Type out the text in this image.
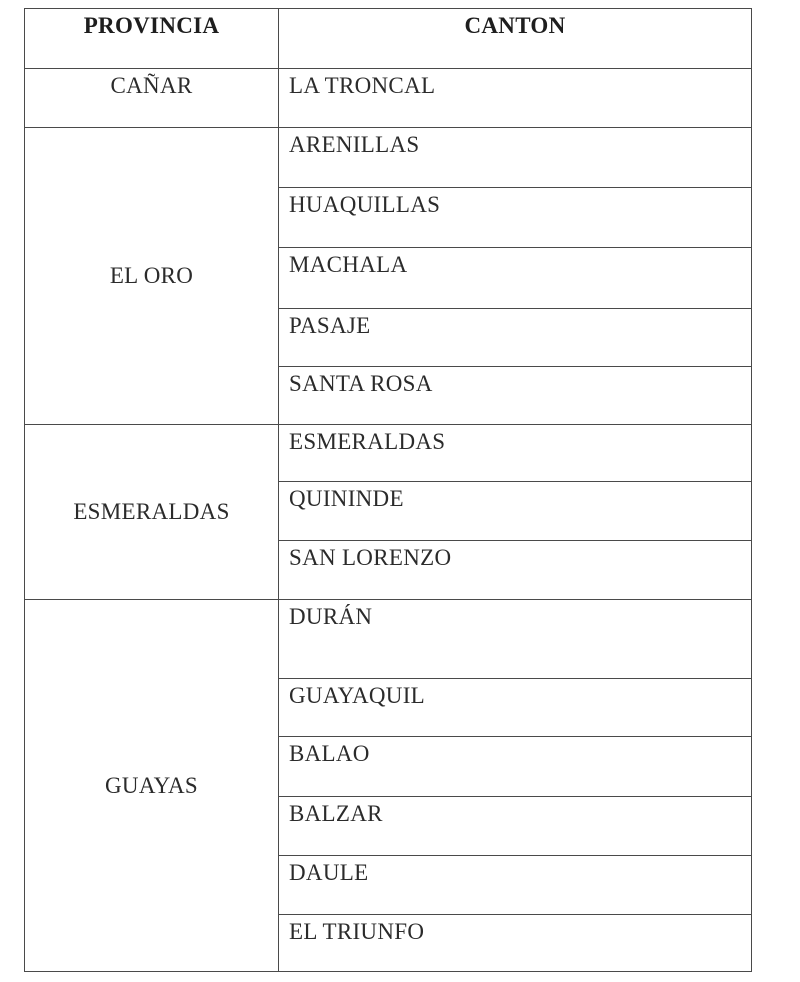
PROVINCIA	CANTON
CAÑAR	LA TRONCAL
EL ORO	ARENILLAS
	HUAQUILLAS
	MACHALA
	PASAJE
	SANTA ROSA
ESMERALDAS	ESMERALDAS
	QUININDE
	SAN LORENZO
GUAYAS	DURÁN
	GUAYAQUIL
	BALAO
	BALZAR
	DAULE
	EL TRIUNFO
